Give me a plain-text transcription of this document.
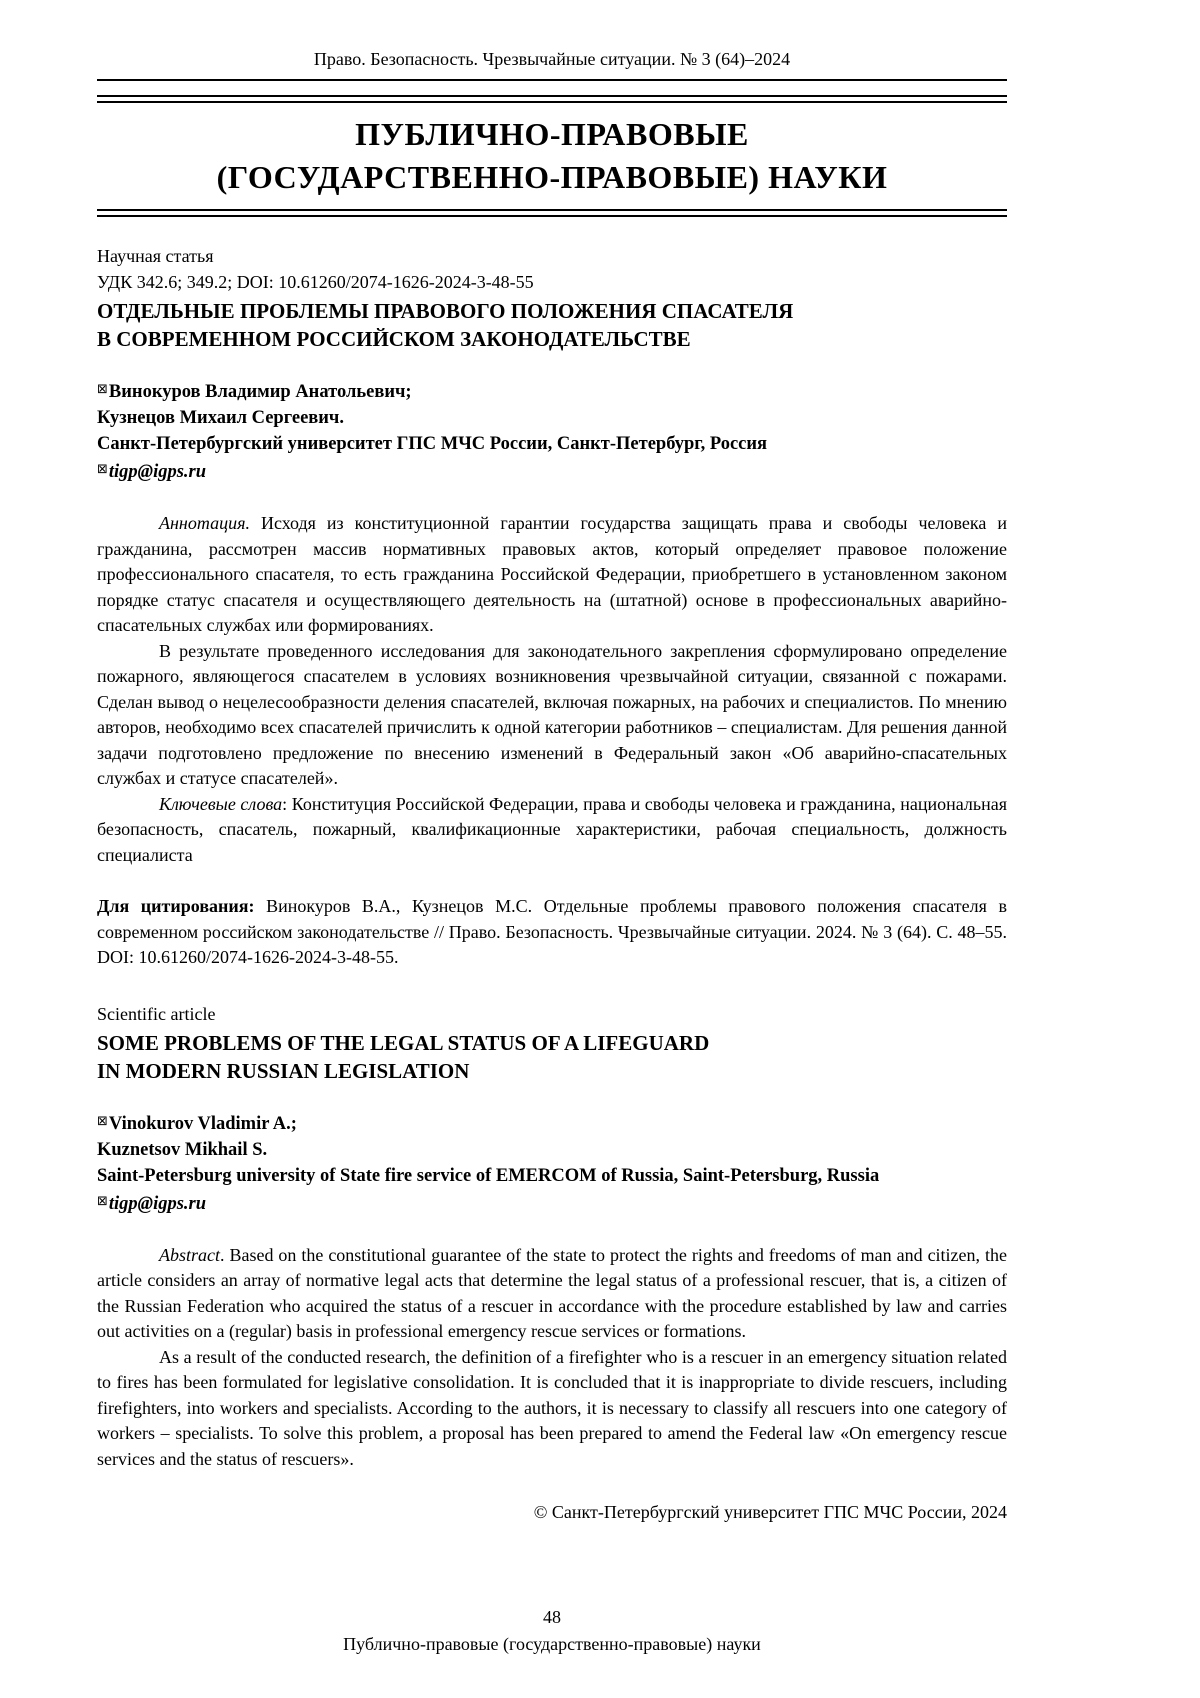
Право. Безопасность. Чрезвычайные ситуации. № 3 (64)–2024
ПУБЛИЧНО-ПРАВОВЫЕ
(ГОСУДАРСТВЕННО-ПРАВОВЫЕ) НАУКИ
Научная статья
УДК 342.6; 349.2; DOI: 10.61260/2074-1626-2024-3-48-55
ОТДЕЛЬНЫЕ ПРОБЛЕМЫ ПРАВОВОГО ПОЛОЖЕНИЯ СПАСАТЕЛЯ
В СОВРЕМЕННОМ РОССИЙСКОМ ЗАКОНОДАТЕЛЬСТВЕ
⊠Винокуров Владимир Анатольевич;
Кузнецов Михаил Сергеевич.
Санкт-Петербургский университет ГПС МЧС России, Санкт-Петербург, Россия
⊠tigp@igps.ru

Аннотация. Исходя из конституционной гарантии государства защищать права и свободы человека и гражданина, рассмотрен массив нормативных правовых актов, который определяет правовое положение профессионального спасателя, то есть гражданина Российской Федерации, приобретшего в установленном законом порядке статус спасателя и осуществляющего деятельность на (штатной) основе в профессиональных аварийно-спасательных службах или формированиях.

В результате проведенного исследования для законодательного закрепления сформулировано определение пожарного, являющегося спасателем в условиях возникновения чрезвычайной ситуации, связанной с пожарами. Сделан вывод о нецелесообразности деления спасателей, включая пожарных, на рабочих и специалистов. По мнению авторов, необходимо всех спасателей причислить к одной категории работников – специалистам. Для решения данной задачи подготовлено предложение по внесению изменений в Федеральный закон «Об аварийно-спасательных службах и статусе спасателей».

Ключевые слова: Конституция Российской Федерации, права и свободы человека и гражданина, национальная безопасность, спасатель, пожарный, квалификационные характеристики, рабочая специальность, должность специалиста

Для цитирования: Винокуров В.А., Кузнецов М.С. Отдельные проблемы правового положения спасателя в современном российском законодательстве // Право. Безопасность. Чрезвычайные ситуации. 2024. № 3 (64). С. 48–55. DOI: 10.61260/2074-1626-2024-3-48-55.

Scientific article
SOME PROBLEMS OF THE LEGAL STATUS OF A LIFEGUARD
IN MODERN RUSSIAN LEGISLATION
⊠Vinokurov Vladimir A.;
Kuznetsov Mikhail S.
Saint-Petersburg university of State fire service of EMERCOM of Russia, Saint-Petersburg, Russia
⊠tigp@igps.ru

Abstract. Based on the constitutional guarantee of the state to protect the rights and freedoms of man and citizen, the article considers an array of normative legal acts that determine the legal status of a professional rescuer, that is, a citizen of the Russian Federation who acquired the status of a rescuer in accordance with the procedure established by law and carries out activities on a (regular) basis in professional emergency rescue services or formations.

As a result of the conducted research, the definition of a firefighter who is a rescuer in an emergency situation related to fires has been formulated for legislative consolidation. It is concluded that it is inappropriate to divide rescuers, including firefighters, into workers and specialists. According to the authors, it is necessary to classify all rescuers into one category of workers – specialists. To solve this problem, a proposal has been prepared to amend the Federal law «On emergency rescue services and the status of rescuers».

© Санкт-Петербургский университет ГПС МЧС России, 2024
48
Публично-правовые (государственно-правовые) науки
